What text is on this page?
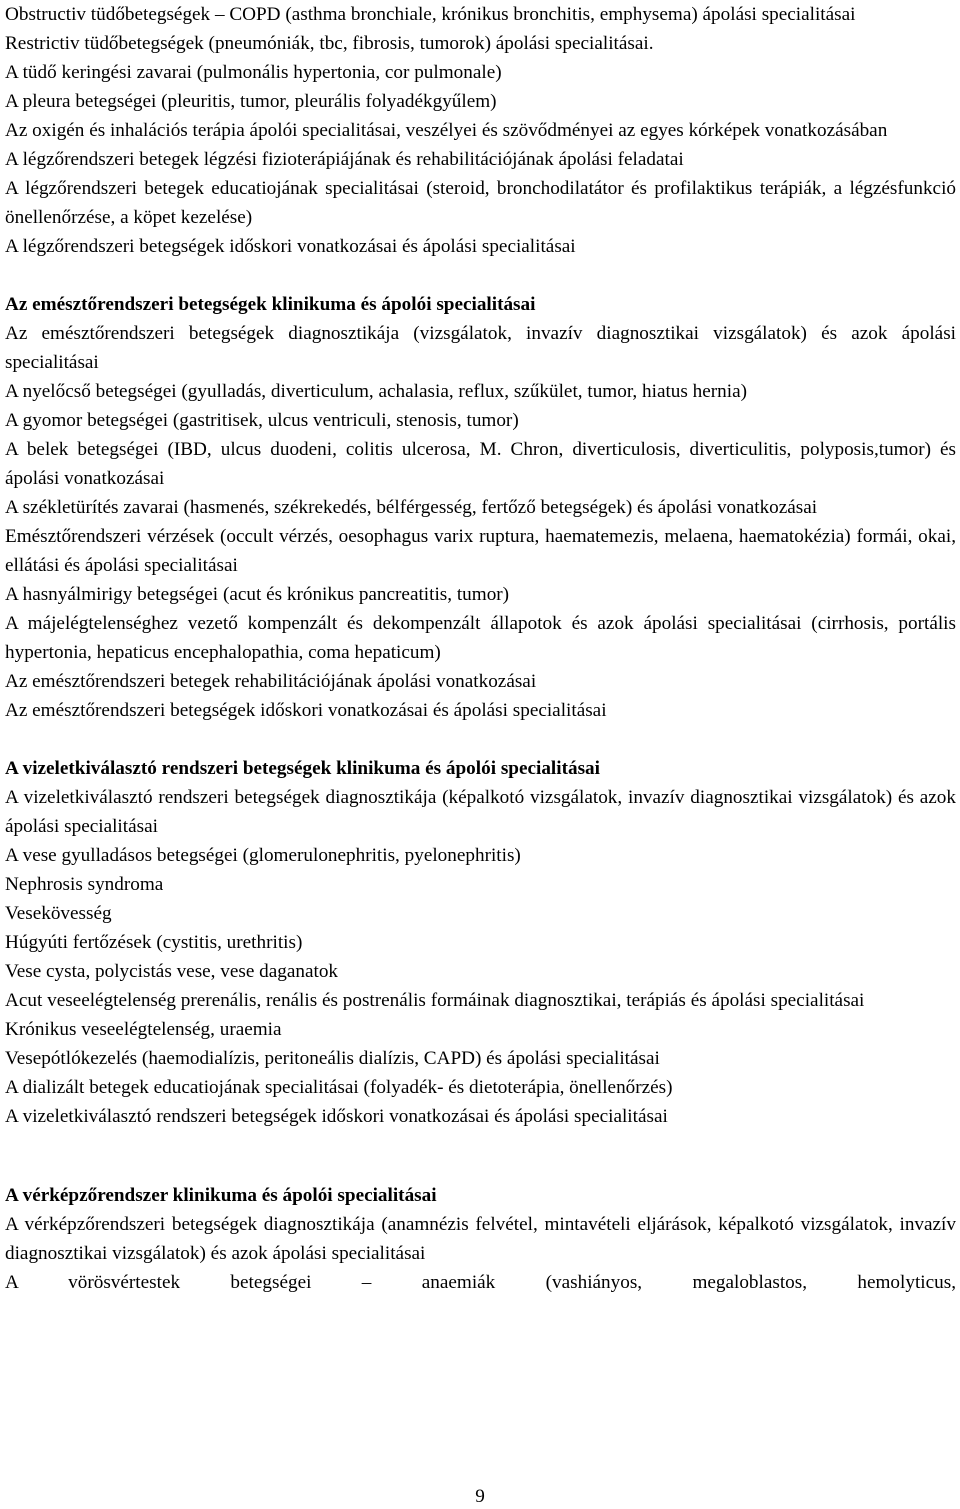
Obstructiv tüdőbetegségek – COPD (asthma bronchiale, krónikus bronchitis, emphysema) ápolási specialitásai

Restrictiv tüdőbetegségek (pneumóniák, tbc, fibrosis, tumorok) ápolási specialitásai.

A tüdő keringési zavarai (pulmonális hypertonia, cor pulmonale)

A pleura betegségei (pleuritis, tumor, pleurális folyadékgyűlem)

Az oxigén és inhalációs terápia ápolói specialitásai, veszélyei és szövődményei az egyes kórképek vonatkozásában

A légzőrendszeri betegek légzési fizioterápiájának és rehabilitációjának ápolási feladatai

A légzőrendszeri betegek educatiojának specialitásai (steroid, bronchodilatátor és profilaktikus terápiák, a légzésfunkció önellenőrzése, a köpet kezelése)

A légzőrendszeri betegségek időskori vonatkozásai és ápolási specialitásai

Az emésztőrendszeri betegségek klinikuma és ápolói specialitásai

Az emésztőrendszeri betegségek diagnosztikája (vizsgálatok, invazív diagnosztikai vizsgálatok) és azok ápolási specialitásai

A nyelőcső betegségei (gyulladás, diverticulum, achalasia, reflux, szűkület, tumor, hiatus hernia)

A gyomor betegségei (gastritisek, ulcus ventriculi, stenosis, tumor)

A belek betegségei (IBD, ulcus duodeni, colitis ulcerosa, M. Chron, diverticulosis, diverticulitis, polyposis,tumor) és ápolási vonatkozásai

A székletürítés zavarai (hasmenés, székrekedés, bélférgesség, fertőző betegségek) és ápolási vonatkozásai

Emésztőrendszeri vérzések (occult vérzés, oesophagus varix ruptura, haematemezis, melaena, haematokézia) formái, okai, ellátási és ápolási specialitásai

A hasnyálmirigy betegségei (acut és krónikus pancreatitis, tumor)

A májelégtelenséghez vezető kompenzált és dekompenzált állapotok és azok ápolási specialitásai (cirrhosis, portális hypertonia, hepaticus encephalopathia, coma hepaticum)

Az emésztőrendszeri betegek rehabilitációjának ápolási vonatkozásai

Az emésztőrendszeri betegségek időskori vonatkozásai és ápolási specialitásai

A vizeletkiválasztó rendszeri betegségek klinikuma és ápolói specialitásai

A vizeletkiválasztó rendszeri betegségek diagnosztikája (képalkotó vizsgálatok, invazív diagnosztikai vizsgálatok) és azok ápolási specialitásai

A vese gyulladásos betegségei (glomerulonephritis, pyelonephritis)

Nephrosis syndroma

Vesekövesség

Húgyúti fertőzések (cystitis, urethritis)

Vese cysta, polycistás vese, vese daganatok

Acut veseelégtelenség prerenális, renális és postrenális formáinak diagnosztikai, terápiás és ápolási specialitásai

Krónikus veseelégtelenség, uraemia

Vesepótlókezelés (haemodialízis, peritoneális dialízis, CAPD) és ápolási specialitásai

A dializált betegek educatiojának specialitásai (folyadék- és dietoterápia, önellenőrzés)

A vizeletkiválasztó rendszeri betegségek időskori vonatkozásai és ápolási specialitásai

A vérképzőrendszer klinikuma és ápolói specialitásai

A vérképzőrendszeri betegségek diagnosztikája (anamnézis felvétel, mintavételi eljárások, képalkotó vizsgálatok, invazív diagnosztikai vizsgálatok) és azok ápolási specialitásai

A vörösvértestek betegségei – anaemiák (vashiányos, megaloblastos, hemolyticus,

9
